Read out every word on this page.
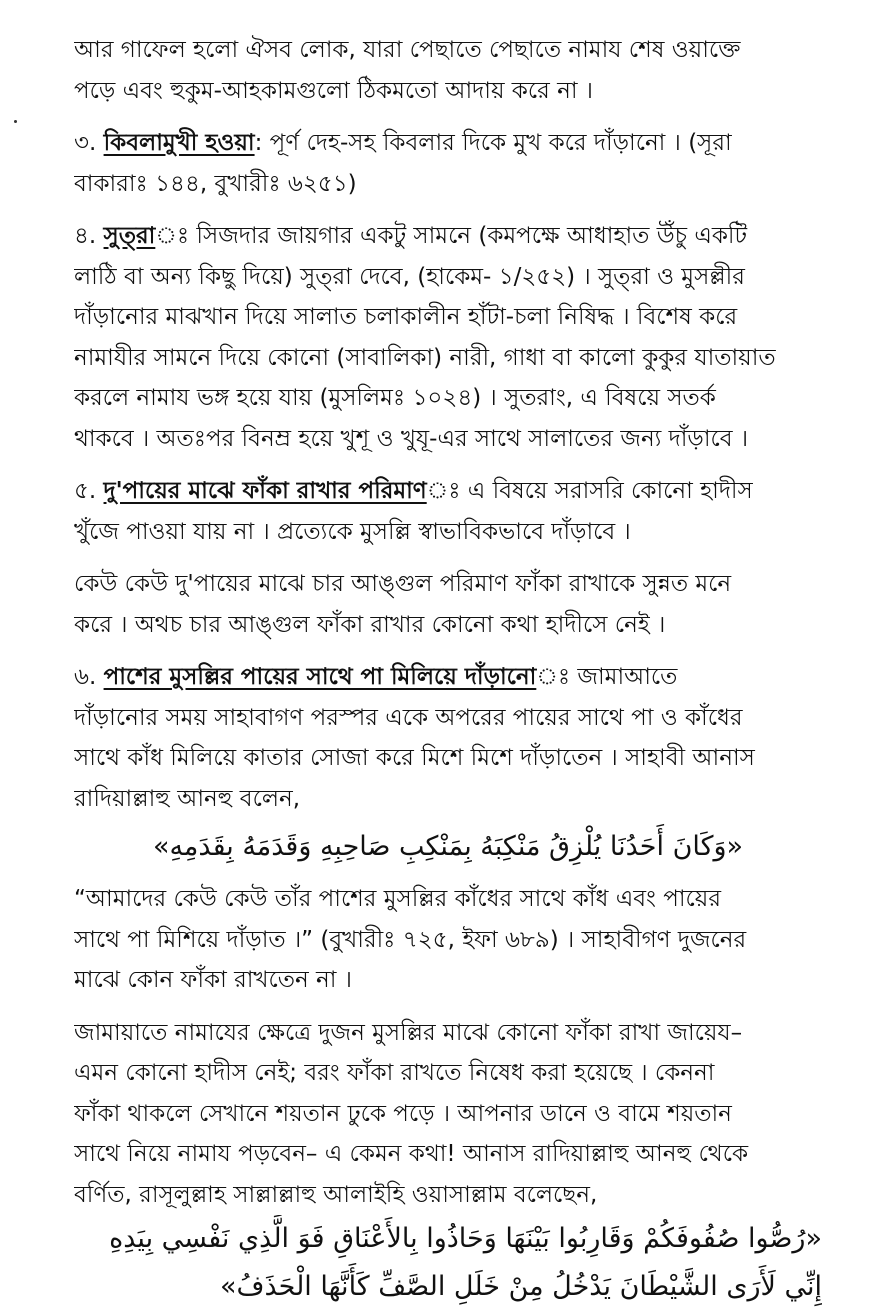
আর গাফেল হলো ঐসব লোক, যারা পেছাতে পেছাতে নামায শেষ ওয়াক্তে
পড়ে এবং হুকুম-আহকামগুলো ঠিকমতো আদায় করে না ।

৩. কিবলামুখী হওয়া: পূর্ণ দেহ-সহ কিবলার দিকে মুখ করে দাঁড়ানো । (সূরা
বাকারাঃ ১৪৪, বুখারীঃ ৬২৫১)

৪. সুত্‌রাঃ সিজদার জায়গার একটু সামনে (কমপক্ষে আধাহাত উঁচু একটি
লাঠি বা অন্য কিছু দিয়ে) সুত্‌রা দেবে, (হাকেম- ১/২৫২) । সুত্‌রা ও মুসল্লীর
দাঁড়ানোর মাঝখান দিয়ে সালাত চলাকালীন হাঁটা-চলা নিষিদ্ধ । বিশেষ করে
নামাযীর সামনে দিয়ে কোনো (সাবালিকা) নারী, গাধা বা কালো কুকুর যাতায়াত
করলে নামায ভঙ্গ হয়ে যায় (মুসলিমঃ ১০২৪) । সুতরাং, এ বিষয়ে সতর্ক
থাকবে । অতঃপর বিনম্র হয়ে খুশূ ও খুযূ-এর সাথে সালাতের জন্য দাঁড়াবে ।

৫. দু'পায়ের মাঝে ফাঁকা রাখার পরিমাণঃ এ বিষয়ে সরাসরি কোনো হাদীস
খুঁজে পাওয়া যায় না । প্রত্যেকে মুসল্লি স্বাভাবিকভাবে দাঁড়াবে ।

কেউ কেউ দু'পায়ের মাঝে চার আঙ্গুল পরিমাণ ফাঁকা রাখাকে সুন্নত মনে
করে । অথচ চার আঙ্গুল ফাঁকা রাখার কোনো কথা হাদীসে নেই ।

৬. পাশের মুসল্লির পায়ের সাথে পা মিলিয়ে দাঁড়ানোঃ জামাআতে
দাঁড়ানোর সময় সাহাবাগণ পরস্পর একে অপরের পায়ের সাথে পা ও কাঁধের
সাথে কাঁধ মিলিয়ে কাতার সোজা করে মিশে মিশে দাঁড়াতেন । সাহাবী আনাস
রাদিয়াল্লাহু আনহু বলেন,

«وَكَانَ أَحَدُنَا يُلْزِقُ مَنْكِبَهُ بِمَنْكِبِ صَاحِبِهِ وَقَدَمَهُ بِقَدَمِهِ»

“আমাদের কেউ কেউ তাঁর পাশের মুসল্লির কাঁধের সাথে কাঁধ এবং পায়ের
সাথে পা মিশিয়ে দাঁড়াত ।” (বুখারীঃ ৭২৫, ইফা ৬৮৯) । সাহাবীগণ দুজনের
মাঝে কোন ফাঁকা রাখতেন না ।

জামায়াতে নামাযের ক্ষেত্রে দুজন মুসল্লির মাঝে কোনো ফাঁকা রাখা জায়েয–
এমন কোনো হাদীস নেই; বরং ফাঁকা রাখতে নিষেধ করা হয়েছে । কেননা
ফাঁকা থাকলে সেখানে শয়তান ঢুকে পড়ে । আপনার ডানে ও বামে শয়তান
সাথে নিয়ে নামায পড়বেন– এ কেমন কথা! আনাস রাদিয়াল্লাহু আনহু থেকে
বর্ণিত, রাসূলুল্লাহ সাল্লাল্লাহু আলাইহি ওয়াসাল্লাম বলেছেন,

«رُصُّوا صُفُوفَكُمْ وَقَارِبُوا بَيْنَهَا وَحَاذُوا بِالأَعْنَاقِ فَوَ الَّذِي نَفْسِي بِيَدِهِ
إِنِّي لَأَرَى الشَّيْطَانَ يَدْخُلُ مِنْ خَلَلِ الصَّفِّ كَأَنَّهَا الْحَذَفُ»
